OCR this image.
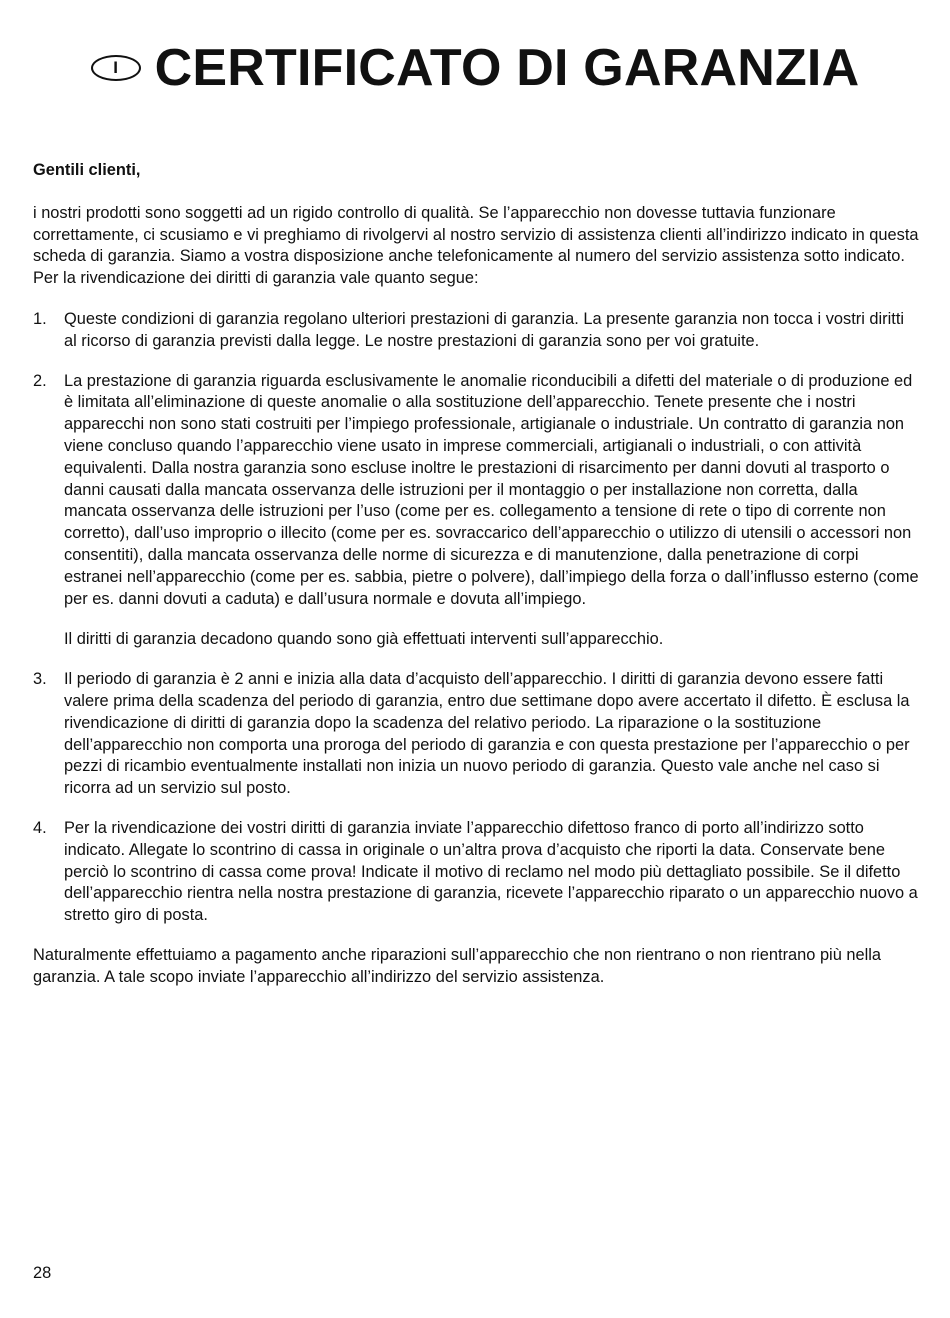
I CERTIFICATO DI GARANZIA

Gentili clienti,

i nostri prodotti sono soggetti ad un rigido controllo di qualità. Se l’apparecchio non dovesse tuttavia funzionare correttamente, ci scusiamo e vi preghiamo di rivolgervi al nostro servizio di assistenza clienti all’indirizzo indicato in questa scheda di garanzia. Siamo a vostra disposizione anche telefonicamente al numero del servizio assistenza sotto indicato. Per la rivendicazione dei diritti di garanzia vale quanto segue:

1.	Queste condizioni di garanzia regolano ulteriori prestazioni di garanzia. La presente garanzia non tocca i vostri diritti al ricorso di garanzia previsti dalla legge. Le nostre prestazioni di garanzia sono per voi gratuite.

2.	La prestazione di garanzia riguarda esclusivamente le anomalie riconducibili a difetti del materiale o di produzione ed è limitata all’eliminazione di queste anomalie o alla sostituzione dell’apparecchio. Tenete presente che i nostri apparecchi non sono stati costruiti per l’impiego professionale, artigianale o industriale. Un contratto di garanzia non viene concluso quando l’apparecchio viene usato in imprese commerciali, artigianali o industriali, o con attività equivalenti. Dalla nostra garanzia sono escluse inoltre le prestazioni di risarcimento per danni dovuti al trasporto o danni causati dalla mancata osservanza delle istruzioni per il montaggio o per installazione non corretta, dalla mancata osservanza delle istruzioni per l’uso (come per es. collegamento a tensione di rete o tipo di corrente non corretto), dall’uso improprio o illecito (come per es. sovraccarico dell’apparecchio o utilizzo di utensili o accessori non consentiti), dalla mancata osservanza delle norme di sicurezza e di manutenzione, dalla penetrazione di corpi estranei nell’apparecchio (come per es. sabbia, pietre o polvere), dall’impiego della forza o dall’influsso esterno (come per es. danni dovuti a caduta) e dall’usura normale e dovuta all’impiego.

Il diritti di garanzia decadono quando sono già effettuati interventi sull’apparecchio.

3.	Il periodo di garanzia è 2 anni e inizia alla data d’acquisto dell’apparecchio. I diritti di garanzia devono essere fatti valere prima della scadenza del periodo di garanzia, entro due settimane dopo avere accertato il difetto. È esclusa la rivendicazione di diritti di garanzia dopo la scadenza del relativo periodo. La riparazione o la sostituzione dell’apparecchio non comporta una proroga del periodo di garanzia e con questa prestazione per l’apparecchio o per pezzi di ricambio eventualmente installati non inizia un nuovo periodo di garanzia. Questo vale anche nel caso si ricorra ad un servizio sul posto.

4.	Per la rivendicazione dei vostri diritti di garanzia inviate l’apparecchio difettoso franco di porto all’indirizzo sotto indicato. Allegate lo scontrino di cassa in originale o un’altra prova d’acquisto che riporti la data. Conservate bene perciò lo scontrino di cassa come prova! Indicate il motivo di reclamo nel modo più dettagliato possibile. Se il difetto dell’apparecchio rientra nella nostra prestazione di garanzia, ricevete l’apparecchio riparato o un apparecchio nuovo a stretto giro di posta.

Naturalmente effettuiamo a pagamento anche riparazioni sull’apparecchio che non rientrano o non rientrano più nella garanzia. A tale scopo inviate l’apparecchio all’indirizzo del servizio assistenza.

28
